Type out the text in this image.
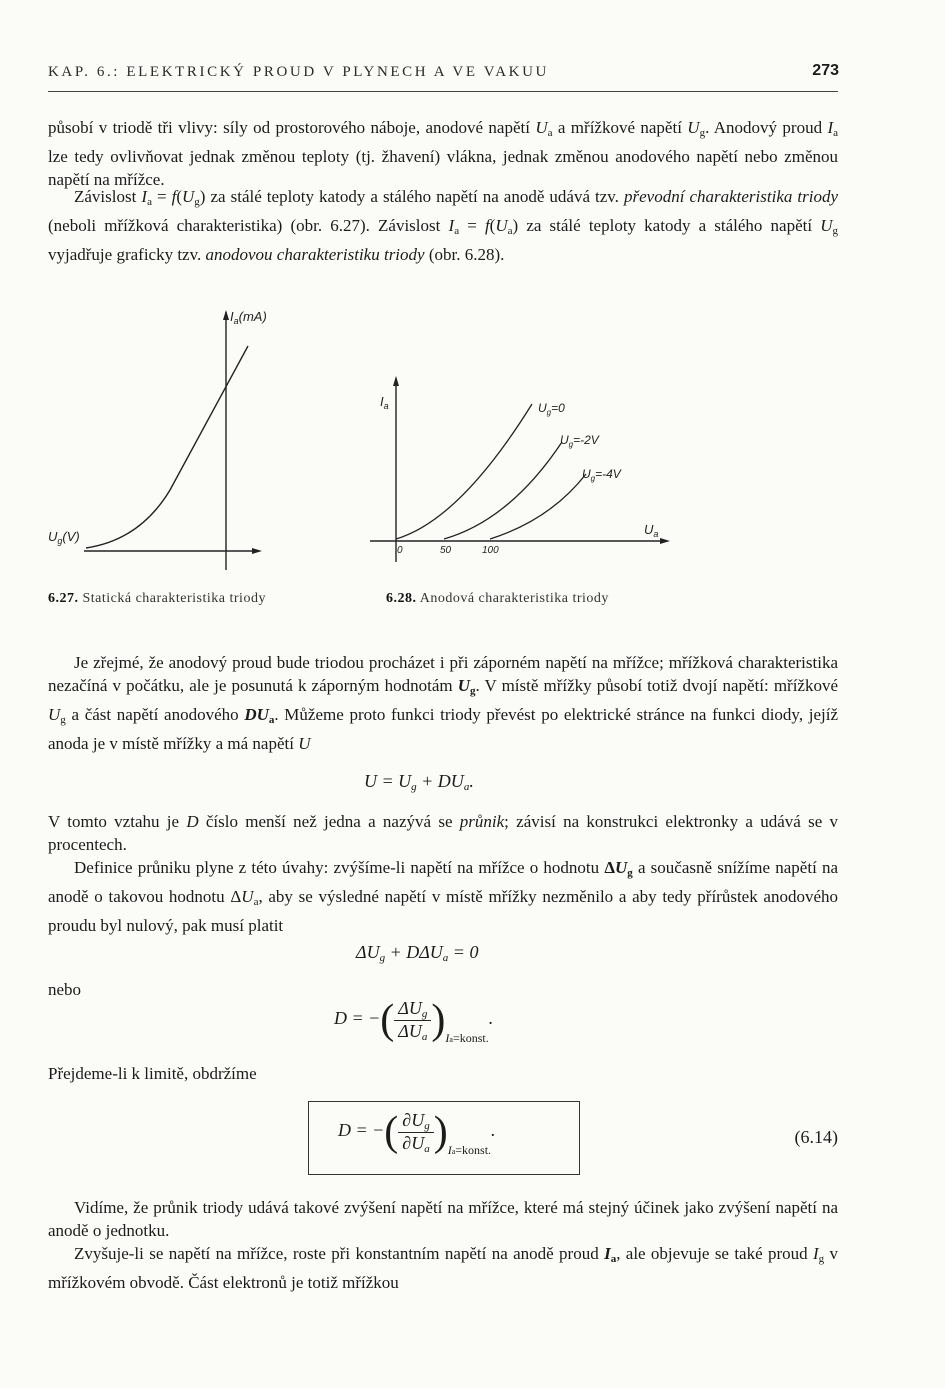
KAP. 6.: ELEKTRICKÝ PROUD V PLYNECH A VE VAKUU	273

působí v triodě tři vlivy: síly od prostorového náboje, anodové napětí $U_a$ a mřížkové napětí $U_g$. Anodový proud $I_a$ lze tedy ovlivňovat jednak změnou teploty (tj. žhavení) vlákna, jednak změnou anodového napětí nebo změnou napětí na mřížce.

Závislost $I_a = f(U_g)$ za stálé teploty katody a stálého napětí na anodě udává tzv. převodní charakteristika triody (neboli mřížková charakteristika) (obr. 6.27). Závislost $I_a = f(U_a)$ za stálé teploty katody a stálého napětí $U_g$ vyjadřuje graficky tzv. anodovou charakteristiku triody (obr. 6.28).

$I_a(mA)$
$U_g(V)$
$I_a$
$U_a$
0	50	100
$U_g=0$
$U_g=-2V$
$U_g=-4V$
6.27. Statická charakteristika triody	6.28. Anodová charakteristika triody

Je zřejmé, že anodový proud bude triodou procházet i při záporném napětí na mřížce; mřížková charakteristika nezačíná v počátku, ale je posunutá k záporným hodnotám $U_g$. V místě mřížky působí totiž dvojí napětí: mřížkové $U_g$ a část napětí anodového $DU_a$. Můžeme proto funkci triody převést po elektrické stránce na funkci diody, jejíž anoda je v místě mřížky a má napětí U

$U = U_g + DU_a$.

V tomto vztahu je D číslo menší než jedna a nazývá se průnik; závisí na konstrukci elektronky a udává se v procentech.

Definice průniku plyne z této úvahy: zvýšíme-li napětí na mřížce o hodnotu $\Delta U_g$ a současně snížíme napětí na anodě o takovou hodnotu $\Delta U_a$, aby se výsledné napětí v místě mřížky nezměnilo a aby tedy přírůstek anodového proudu byl nulový, pak musí platit

$\Delta U_g + D\Delta U_a = 0$

nebo

D = −( $\frac{\Delta U_g}{\Delta U_a} )_{Ia=konst.}$.

Přejdeme-li k limitě, obdržíme

D = −( $\frac{\partial U_g}{\partial U_a} )_{Ia=konst.}$.	(6.14)

Vidíme, že průnik triody udává takové zvýšení napětí na mřížce, které má stejný účinek jako zvýšení napětí na anodě o jednotku.

Zvyšuje-li se napětí na mřížce, roste při konstantním napětí na anodě proud $I_a$, ale objevuje se také proud $I_g$ v mřížkovém obvodě. Část elektronů je totiž mřížkou
